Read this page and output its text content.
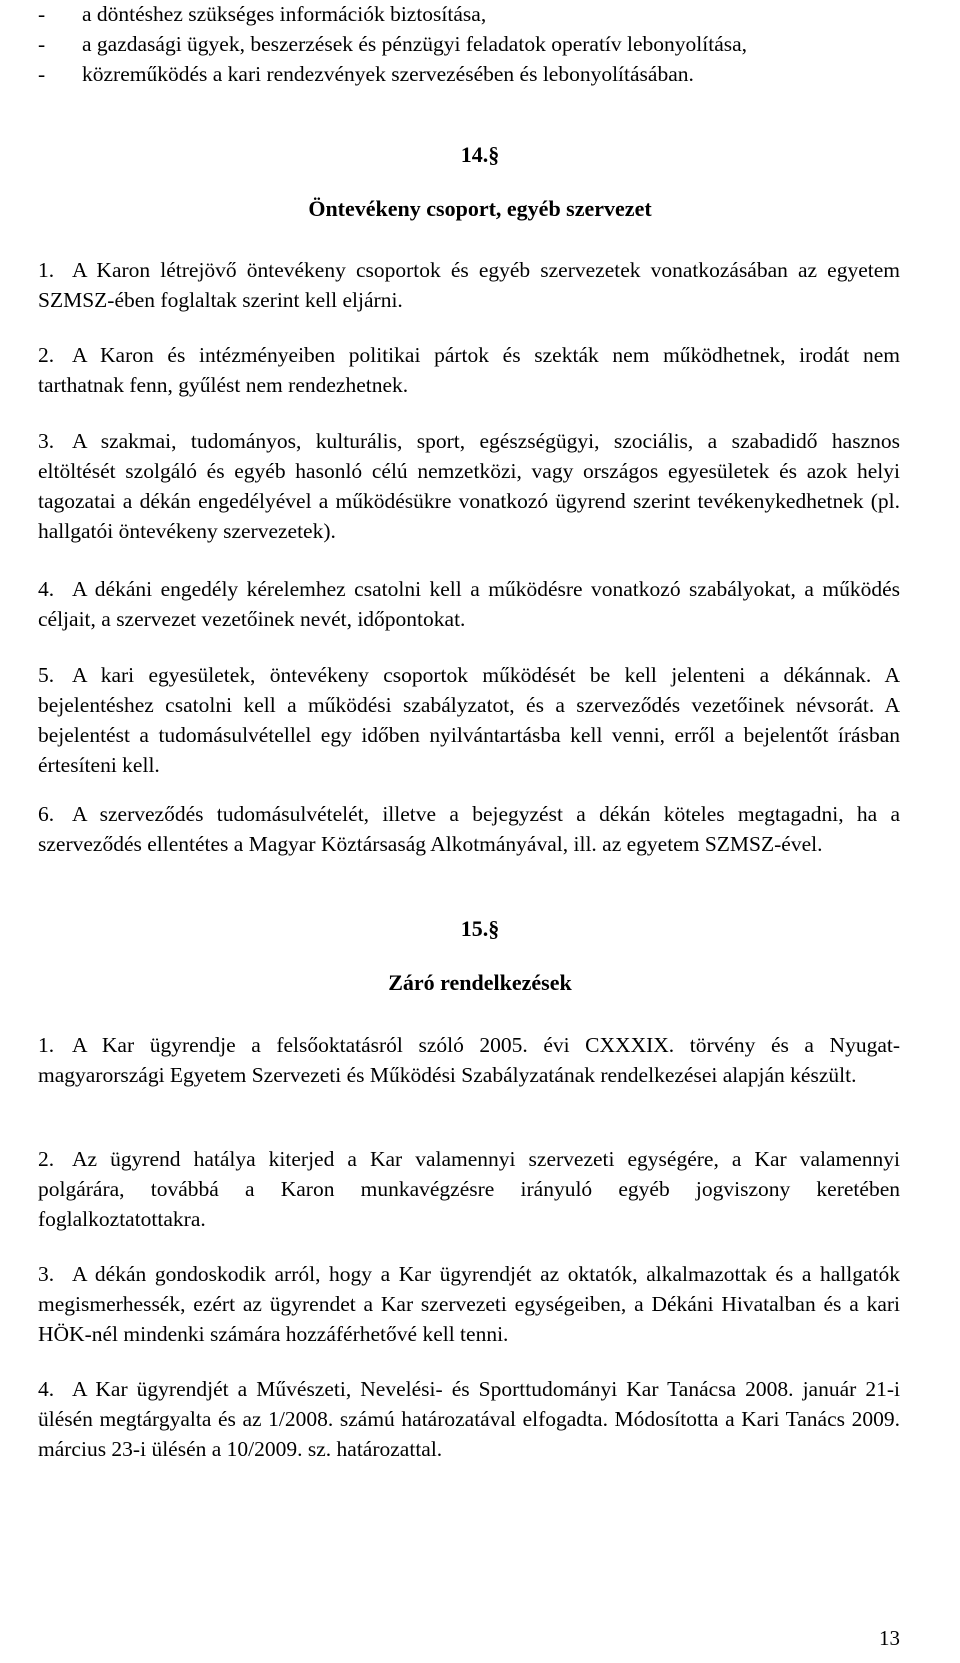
- a döntéshez szükséges információk biztosítása,
- a gazdasági ügyek, beszerzések és pénzügyi feladatok operatív lebonyolítása,
- közreműködés a kari rendezvények szervezésében és lebonyolításában.
14.§
Öntevékeny csoport, egyéb szervezet
1. A Karon létrejövő öntevékeny csoportok és egyéb szervezetek vonatkozásában az egyetem SZMSZ-ében foglaltak szerint kell eljárni.
2. A Karon és intézményeiben politikai pártok és szekták nem működhetnek, irodát nem tarthatnak fenn, gyűlést nem rendezhetnek.
3. A szakmai, tudományos, kulturális, sport, egészségügyi, szociális, a szabadidő hasznos eltöltését szolgáló és egyéb hasonló célú nemzetközi, vagy országos egyesületek és azok helyi tagozatai a dékán engedélyével a működésükre vonatkozó ügyrend szerint tevékenykedhetnek (pl. hallgatói öntevékeny szervezetek).
4. A dékáni engedély kérelemhez csatolni kell a működésre vonatkozó szabályokat, a működés céljait, a szervezet vezetőinek nevét, időpontokat.
5. A kari egyesületek, öntevékeny csoportok működését be kell jelenteni a dékánnak. A bejelentéshez csatolni kell a működési szabályzatot, és a szerveződés vezetőinek névsorát. A bejelentést a tudomásulvétellel egy időben nyilvántartásba kell venni, erről a bejelentőt írásban értesíteni kell.
6. A szerveződés tudomásulvételét, illetve a bejegyzést a dékán köteles megtagadni, ha a szerveződés ellentétes a Magyar Köztársaság Alkotmányával, ill. az egyetem SZMSZ-ével.
15.§
Záró rendelkezések
1. A Kar ügyrendje a felsőoktatásról szóló 2005. évi CXXXIX. törvény és a Nyugat-magyarországi Egyetem Szervezeti és Működési Szabályzatának rendelkezései alapján készült.
2. Az ügyrend hatálya kiterjed a Kar valamennyi szervezeti egységére, a Kar valamennyi polgárára, továbbá a Karon munkavégzésre irányuló egyéb jogviszony keretében foglalkoztatottakra.
3. A dékán gondoskodik arról, hogy a Kar ügyrendjét az oktatók, alkalmazottak és a hallgatók megismerhessék, ezért az ügyrendet a Kar szervezeti egységeiben, a Dékáni Hivatalban és a kari HÖK-nél mindenki számára hozzáférhetővé kell tenni.
4. A Kar ügyrendjét a Művészeti, Nevelési- és Sporttudományi Kar Tanácsa 2008. január 21-i ülésén megtárgyalta és az 1/2008. számú határozatával elfogadta. Módosította a Kari Tanács 2009. március 23-i ülésén a 10/2009. sz. határozattal.
13
